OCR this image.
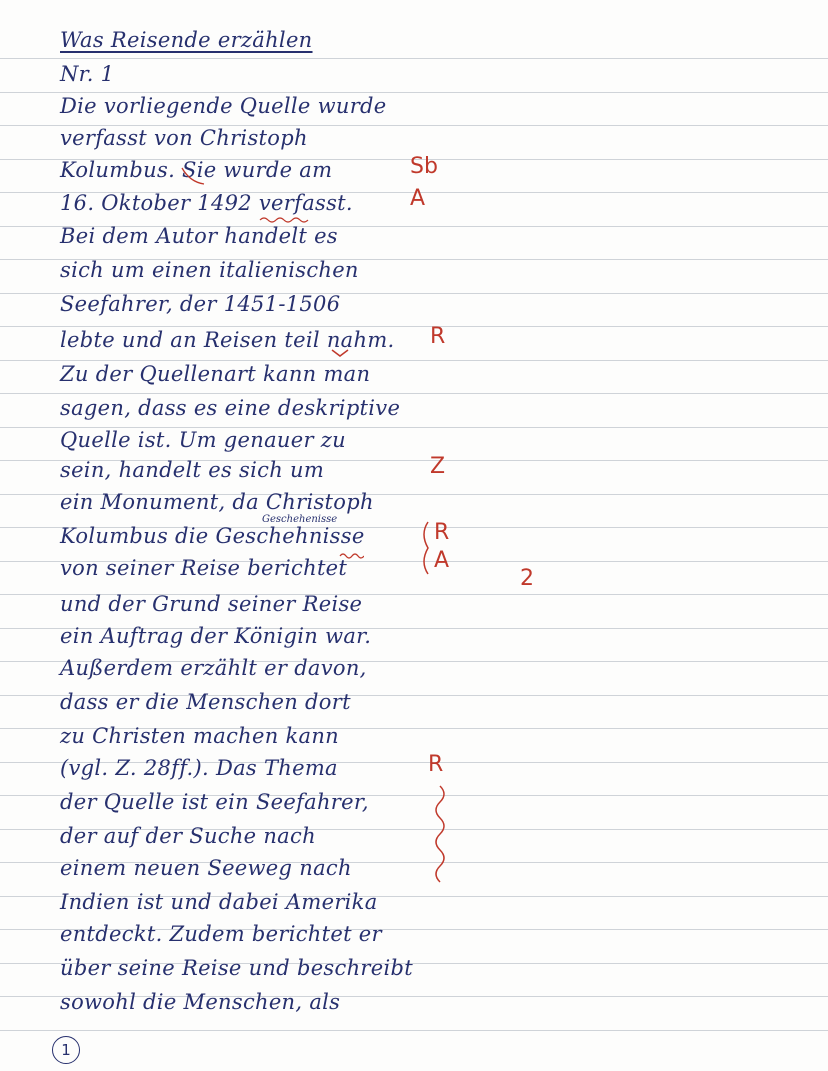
Was Reisende erzählen
Nr. 1
Die vorliegende Quelle wurde
verfasst von Christoph
Kolumbus. Sie wurde am
16. Oktober 1492 verfasst.
Bei dem Autor handelt es
sich um einen italienischen
Seefahrer, der 1451-1506
lebte und an Reisen teil nahm.
Zu der Quellenart kann man
sagen, dass es eine deskriptive
Quelle ist. Um genauer zu
sein, handelt es sich um
ein Monument, da Christoph
Geschehenisse
Kolumbus die Geschehnisse
von seiner Reise berichtet
und der Grund seiner Reise
ein Auftrag der Königin war.
Außerdem erzählt er davon,
dass er die Menschen dort
zu Christen machen kann
(vgl. Z. 28ff.). Das Thema
der Quelle ist ein Seefahrer,
der auf der Suche nach
einem neuen Seeweg nach
Indien ist und dabei Amerika
entdeckt. Zudem berichtet er
über seine Reise und beschreibt
sowohl die Menschen, als
Sb
A
R
Z
R
A
2
R
1
